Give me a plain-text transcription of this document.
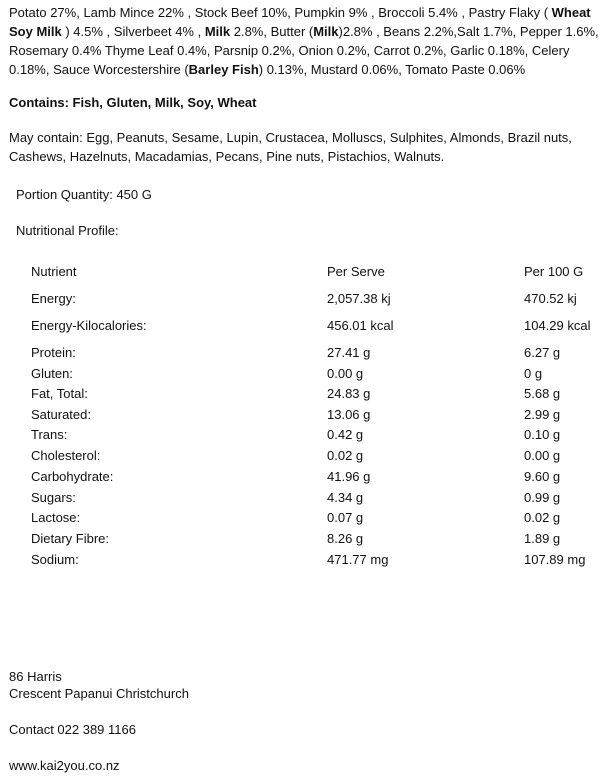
Potato 27%, Lamb Mince 22% , Stock Beef 10%, Pumpkin 9% , Broccoli 5.4% , Pastry Flaky ( Wheat Soy Milk ) 4.5% , Silverbeet 4% , Milk 2.8%, Butter (Milk)2.8% , Beans 2.2%,Salt 1.7%, Pepper 1.6%, Rosemary 0.4% Thyme Leaf 0.4%, Parsnip 0.2%, Onion 0.2%, Carrot 0.2%, Garlic 0.18%, Celery 0.18%, Sauce Worcestershire (Barley Fish) 0.13%, Mustard 0.06%, Tomato Paste 0.06%

Contains: Fish, Gluten, Milk, Soy, Wheat

May contain: Egg, Peanuts, Sesame, Lupin, Crustacea, Molluscs, Sulphites, Almonds, Brazil nuts, Cashews, Hazelnuts, Macadamias, Pecans, Pine nuts, Pistachios, Walnuts.

Portion Quantity: 450 G

Nutritional Profile:

Nutrient	Per Serve	Per 100 G
Energy:	2,057.38 kj	470.52 kj
Energy-Kilocalories:	456.01 kcal	104.29 kcal
Protein:	27.41 g	6.27 g
Gluten:	0.00 g	0 g
Fat, Total:	24.83 g	5.68 g
Saturated:	13.06 g	2.99 g
Trans:	0.42 g	0.10 g
Cholesterol:	0.02 g	0.00 g
Carbohydrate:	41.96 g	9.60 g
Sugars:	4.34 g	0.99 g
Lactose:	0.07 g	0.02 g
Dietary Fibre:	8.26 g	1.89 g
Sodium:	471.77 mg	107.89 mg

86 Harris

Crescent Papanui Christchurch

Contact 022 389 1166

www.kai2you.co.nz
